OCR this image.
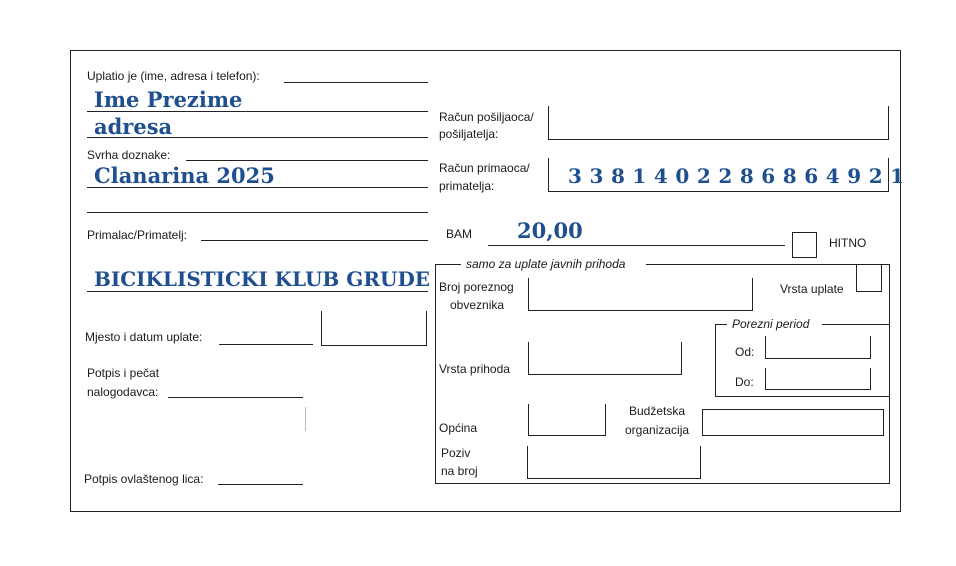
Uplatio je (ime, adresa i telefon):
Ime Prezime
adresa
Svrha doznake:
Clanarina 2025
Primalac/Primatelj:
BICIKLISTICKI KLUB GRUDE
Mjesto i datum uplate:
Potpis i pečat
nalogodavca:
Potpis ovlaštenog lica:
Račun pošiljaoca/
pošiljatelja:
Račun primaoca/
primatelja:	3 3 8 1 4 0 2 2 8 6 8 6 4 9 2 1
BAM 20,00	HITNO
samo za uplate javnih prihoda
Broj poreznog
obveznika
Vrsta uplate
Porezni period
Od:
Do:
Vrsta prihoda
Općina
Budžetska
organizacija
Poziv
na broj
